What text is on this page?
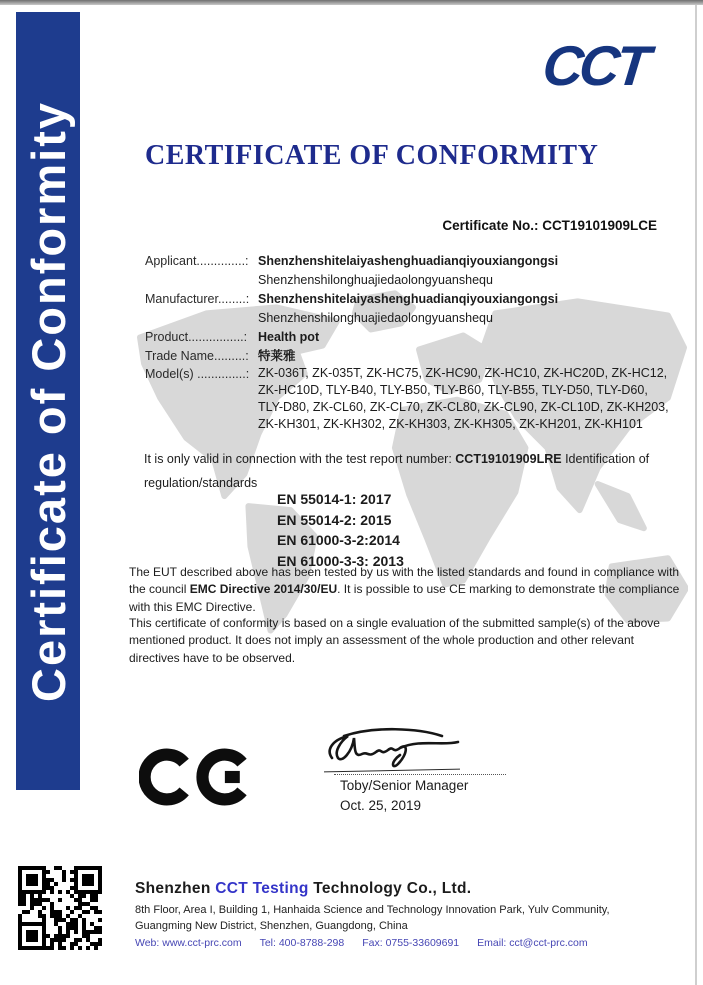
Certificate of Conformity
CCT
CERTIFICATE OF CONFORMITY
Certificate No.: CCT19101909LCE
Applicant..............: Shenzhenshitelaiyashenghuadianqiyouxiangongsi
Shenzhenshilonghuajiedaolongyuanshequ
Manufacturer........: Shenzhenshitelaiyashenghuadianqiyouxiangongsi
Shenzhenshilonghuajiedaolongyuanshequ
Product................: Health pot
Trade Name.........: 特莱雅
Model(s) ..............: ZK-036T, ZK-035T, ZK-HC75, ZK-HC90, ZK-HC10, ZK-HC20D, ZK-HC12, ZK-HC10D, TLY-B40, TLY-B50, TLY-B60, TLY-B55, TLY-D50, TLY-D60, TLY-D80, ZK-CL60, ZK-CL70, ZK-CL80, ZK-CL90, ZK-CL10D, ZK-KH203, ZK-KH301, ZK-KH302, ZK-KH303, ZK-KH305, ZK-KH201, ZK-KH101
It is only valid in connection with the test report number: CCT19101909LRE Identification of regulation/standards
EN 55014-1: 2017
EN 55014-2: 2015
EN 61000-3-2:2014
EN 61000-3-3: 2013
The EUT described above has been tested by us with the listed standards and found in compliance with the council EMC Directive 2014/30/EU. It is possible to use CE marking to demonstrate the compliance with this EMC Directive.
This certificate of conformity is based on a single evaluation of the submitted sample(s) of the above mentioned product. It does not imply an assessment of the whole production and other relevant directives have to be observed.
Toby/Senior Manager
Oct. 25, 2019
Shenzhen CCT Testing Technology Co., Ltd.
8th Floor, Area I, Building 1, Hanhaida Science and Technology Innovation Park, Yulv Community,
Guangming New District, Shenzhen, Guangdong, China
Web: www.cct-prc.com Tel: 400-8788-298 Fax: 0755-33609691 Email: cct@cct-prc.com
